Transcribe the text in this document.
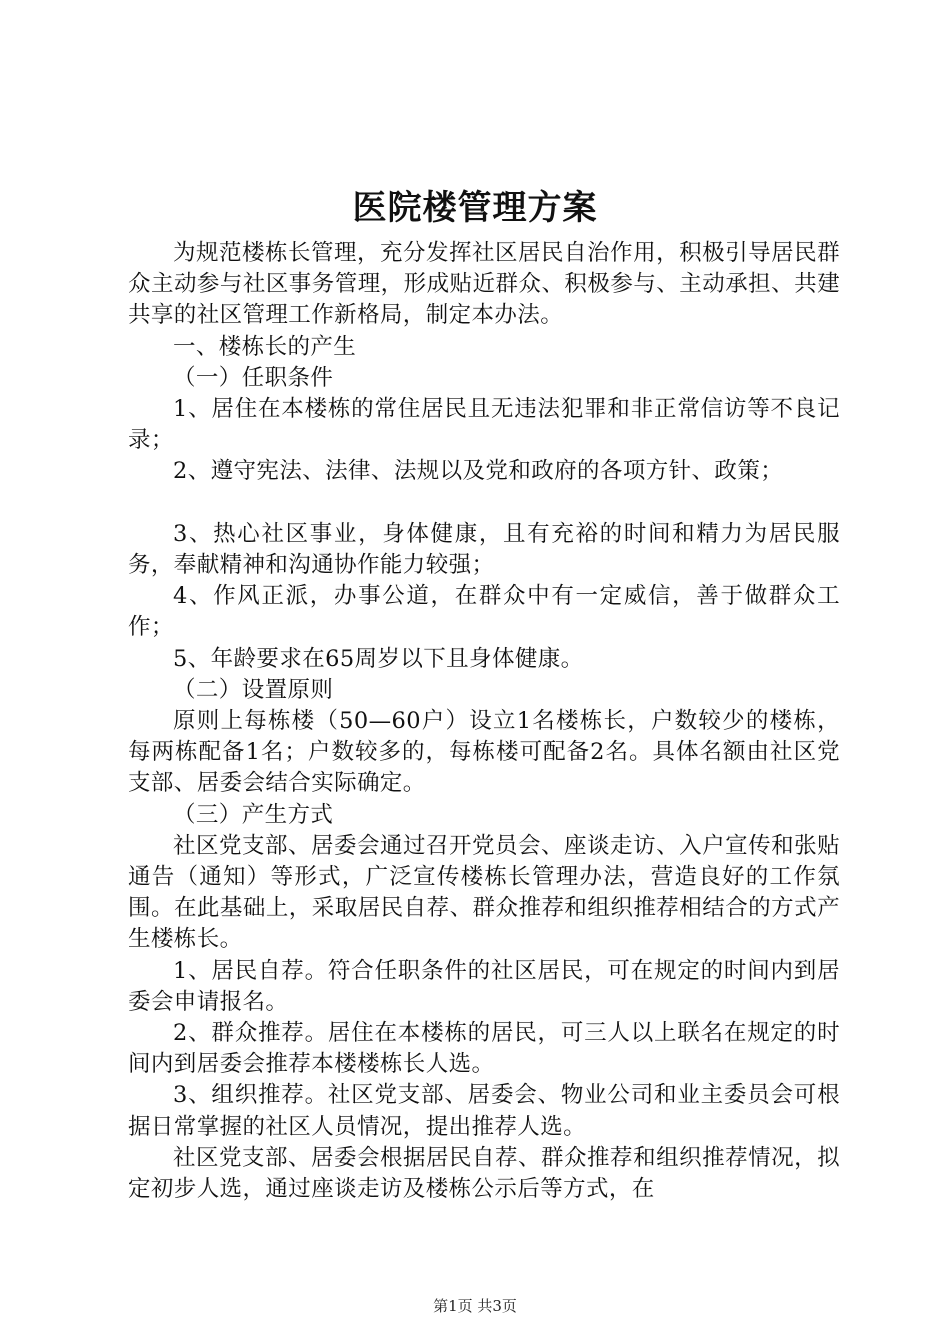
医院楼管理方案

为规范楼栋长管理，充分发挥社区居民自治作用，积极引导居民群众主动参与社区事务管理，形成贴近群众、积极参与、主动承担、共建共享的社区管理工作新格局，制定本办法。

一、楼栋长的产生

（一）任职条件

1、居住在本楼栋的常住居民且无违法犯罪和非正常信访等不良记录；

2、遵守宪法、法律、法规以及党和政府的各项方针、政策；

3、热心社区事业，身体健康，且有充裕的时间和精力为居民服务，奉献精神和沟通协作能力较强；

4、作风正派，办事公道，在群众中有一定威信，善于做群众工作；

5、年龄要求在65周岁以下且身体健康。

（二）设置原则

原则上每栋楼（50—60户）设立1名楼栋长，户数较少的楼栋，每两栋配备1名；户数较多的，每栋楼可配备2名。具体名额由社区党支部、居委会结合实际确定。

（三）产生方式

社区党支部、居委会通过召开党员会、座谈走访、入户宣传和张贴通告（通知）等形式，广泛宣传楼栋长管理办法，营造良好的工作氛围。在此基础上，采取居民自荐、群众推荐和组织推荐相结合的方式产生楼栋长。

1、居民自荐。符合任职条件的社区居民，可在规定的时间内到居委会申请报名。

2、群众推荐。居住在本楼栋的居民，可三人以上联名在规定的时间内到居委会推荐本楼楼栋长人选。

3、组织推荐。社区党支部、居委会、物业公司和业主委员会可根据日常掌握的社区人员情况，提出推荐人选。

社区党支部、居委会根据居民自荐、群众推荐和组织推荐情况，拟定初步人选，通过座谈走访及楼栋公示后等方式，在

第1页 共3页
